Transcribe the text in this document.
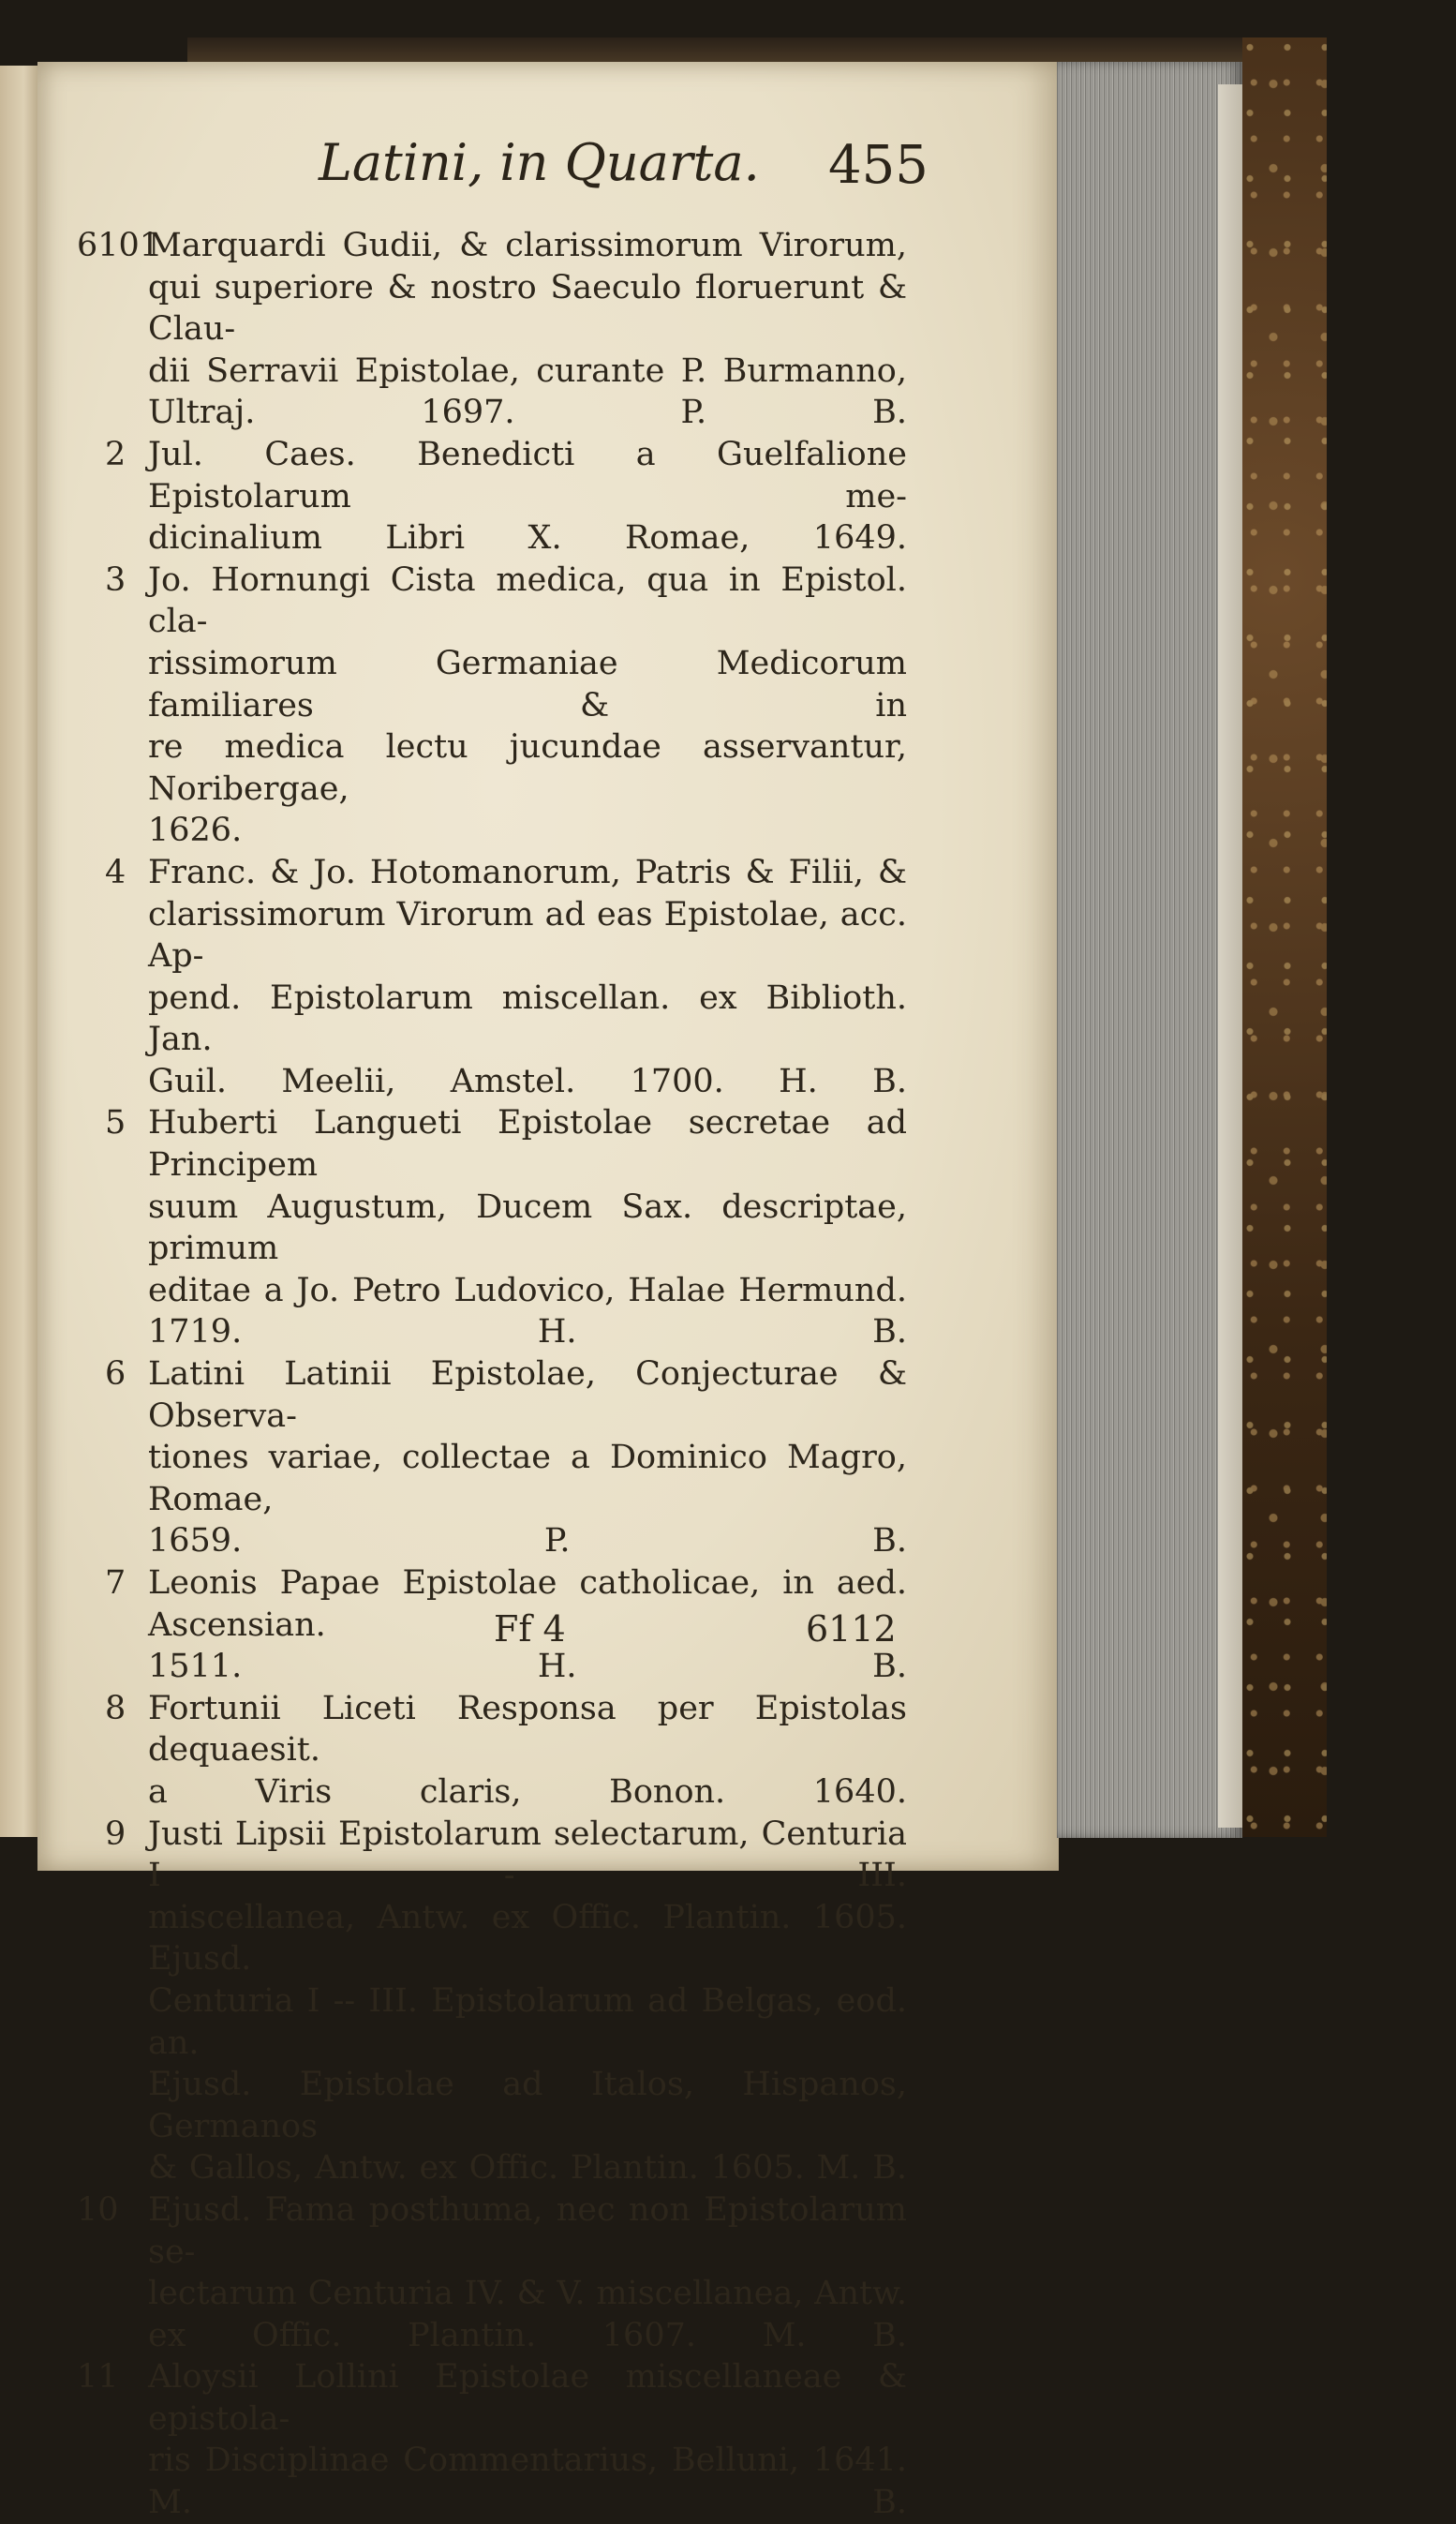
Latini, in Quarta. 455
6101
Marquardi Gudii, & clarissimorum Virorum,
qui superiore & nostro Saeculo floruerunt & Clau-
dii Serravii Epistolae, curante P. Burmanno,
Ultraj. 1697. P. B.
2 Jul. Caes. Benedicti a Guelfalione Epistolarum me-
dicinalium Libri X. Romae, 1649.
3 Jo. Hornungi Cista medica, qua in Epistol. cla-
rissimorum Germaniae Medicorum familiares & in
re medica lectu jucundae asservantur, Noribergae,
1626.
4 Franc. & Jo. Hotomanorum, Patris & Filii, &
clarissimorum Virorum ad eas Epistolae, acc. Ap-
pend. Epistolarum miscellan. ex Biblioth. Jan.
Guil. Meelii, Amstel. 1700. H. B.
5 Huberti Langueti Epistolae secretae ad Principem
suum Augustum, Ducem Sax. descriptae, primum
editae a Jo. Petro Ludovico, Halae Hermund.
1719. H. B.
6 Latini Latinii Epistolae, Conjecturae & Observa-
tiones variae, collectae a Dominico Magro, Romae,
1659. P. B.
7 Leonis Papae Epistolae catholicae, in aed. Ascensian.
1511. H. B.
8 Fortunii Liceti Responsa per Epistolas dequaesit.
a Viris claris, Bonon. 1640.
9 Justi Lipsii Epistolarum selectarum, Centuria I - III.
miscellanea, Antw. ex Offic. Plantin. 1605. Ejusd.
Centuria I -- III. Epistolarum ad Belgas, eod. an.
Ejusd. Epistolae ad Italos, Hispanos, Germanos
& Gallos, Antw. ex Offic. Plantin. 1605. M. B.
10 Ejusd. Fama posthuma, nec non Epistolarum se-
lectarum Centuria IV. & V. miscellanea, Antw.
ex Offic. Plantin. 1607. M. B.
11 Aloysii Lollini Epistolae miscellaneae & epistola-
ris Disciplinae Commentarius, Belluni, 1641.
M. B.
Ff 4	6112
